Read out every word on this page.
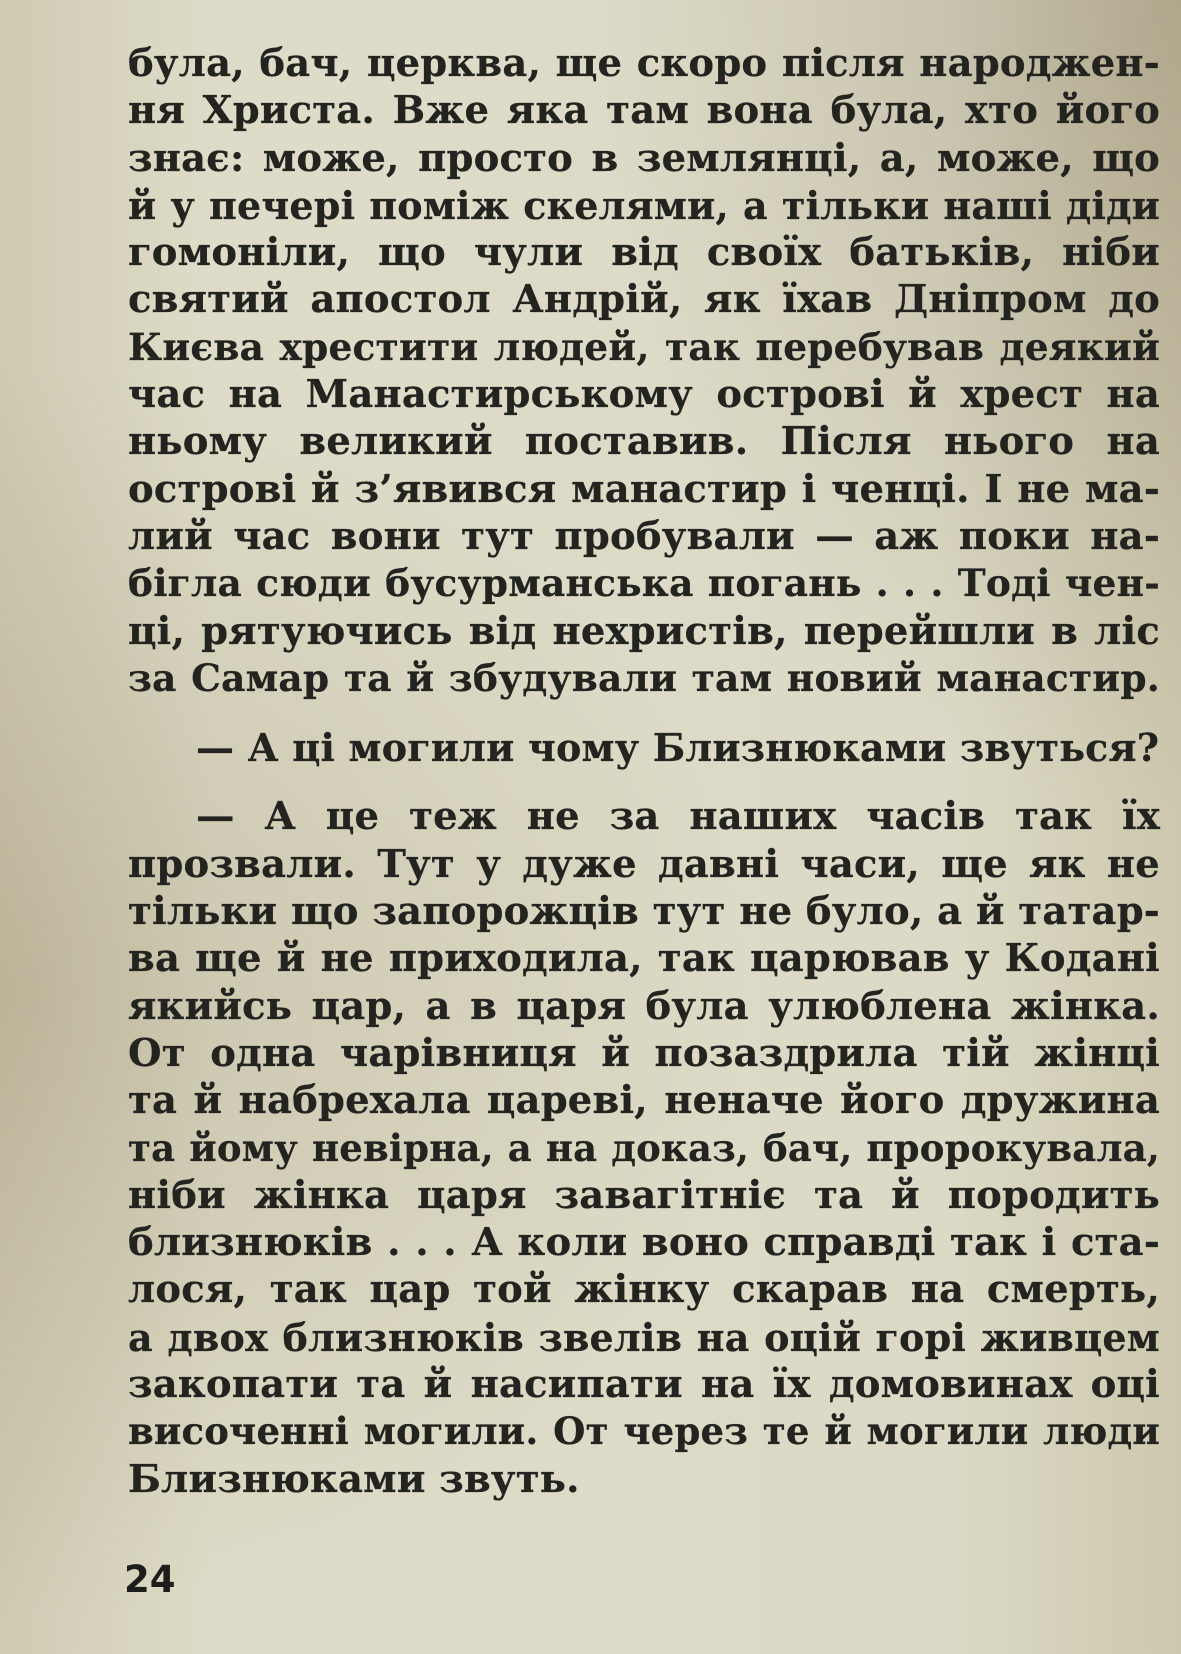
була, бач, церква, ще скоро після народжен-
ня Христа. Вже яка там вона була, хто його
знає: може, просто в землянці, а, може, що
й у печері поміж скелями, а тільки наші діди
гомоніли, що чули від своїх батьків, ніби
святий апостол Андрій, як їхав Дніпром до
Києва хрестити людей, так перебував деякий
час на Манастирському острові й хрест на
ньому великий поставив. Після нього на
острові й з’явився манастир і ченці. І не ма-
лий час вони тут пробували — аж поки на-
бігла сюди бусурманська погань . . . Тоді чен-
ці, рятуючись від нехристів, перейшли в ліс
за Самар та й збудували там новий манастир.
— А ці могили чому Близнюками звуться?
— А це теж не за наших часів так їх
прозвали. Тут у дуже давні часи, ще як не
тільки що запорожців тут не було, а й татар-
ва ще й не приходила, так царював у Кодані
якийсь цар, а в царя була улюблена жінка.
От одна чарівниця й позаздрила тій жінці
та й набрехала цареві, неначе його дружина
та йому невірна, а на доказ, бач, пророкувала,
ніби жінка царя завагітніє та й породить
близнюків . . . А коли воно справді так і ста-
лося, так цар той жінку скарав на смерть,
а двох близнюків звелів на оцій горі живцем
закопати та й насипати на їх домовинах оці
височенні могили. От через те й могили люди
Близнюками звуть.
24
